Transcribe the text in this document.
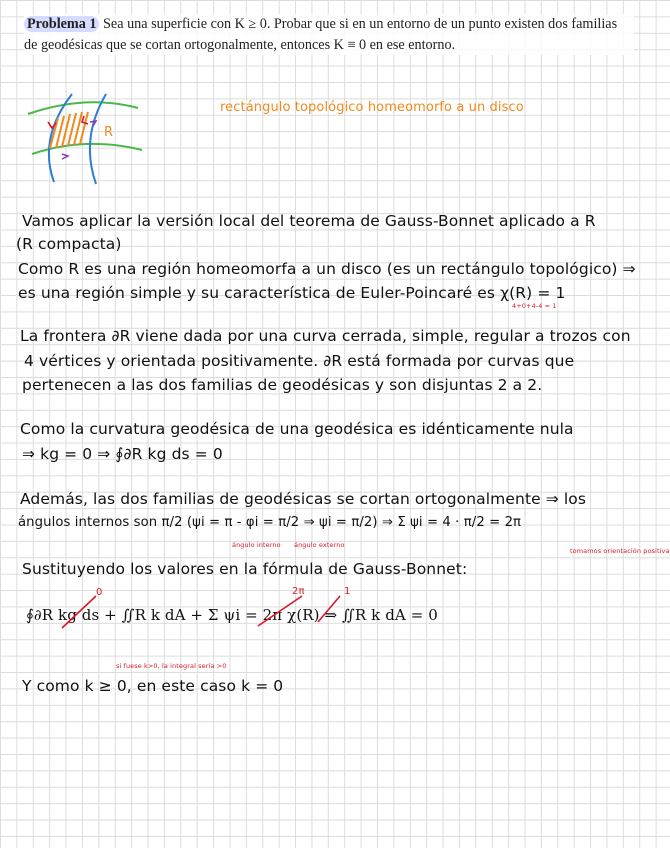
Problema 1 Sea una superficie con K ≥ 0. Probar que si en un entorno de un punto existen dos familias de geodésicas que se cortan ortogonalmente, entonces K ≡ 0 en ese entorno.
R
rectángulo topológico homeomorfo a un disco
Vamos aplicar la versión local del teorema de Gauss-Bonnet aplicado a R
(R compacta)
Como R es una región homeomorfa a un disco (es un rectángulo topológico) ⇒
es una región simple y su característica de Euler-Poincaré es χ(R) = 1
4+0+4-4 = 1
La frontera ∂R viene dada por una curva cerrada, simple, regular a trozos con
4 vértices y orientada positivamente. ∂R está formada por curvas que
pertenecen a las dos familias de geodésicas y son disjuntas 2 a 2.
Como la curvatura geodésica de una geodésica es idénticamente nula
⇒ kg = 0 ⇒ ∮∂R kg ds = 0
Además, las dos familias de geodésicas se cortan ortogonalmente ⇒ los
ángulos internos son π/2 (ψi = π - φi = π/2 ⇒ ψi = π/2) ⇒ Σ ψi = 4 · π/2 = 2π
ángulo interno ángulo externo
tomamos orientación positiva
Sustituyendo los valores en la fórmula de Gauss-Bonnet:
0	2π	1
∮∂R kg ds + ∬R k dA + Σ ψi = 2π χ(R) ⇒ ∬R k dA = 0
si fuese k>0, la integral sería >0
Y como k ≥ 0, en este caso k = 0
